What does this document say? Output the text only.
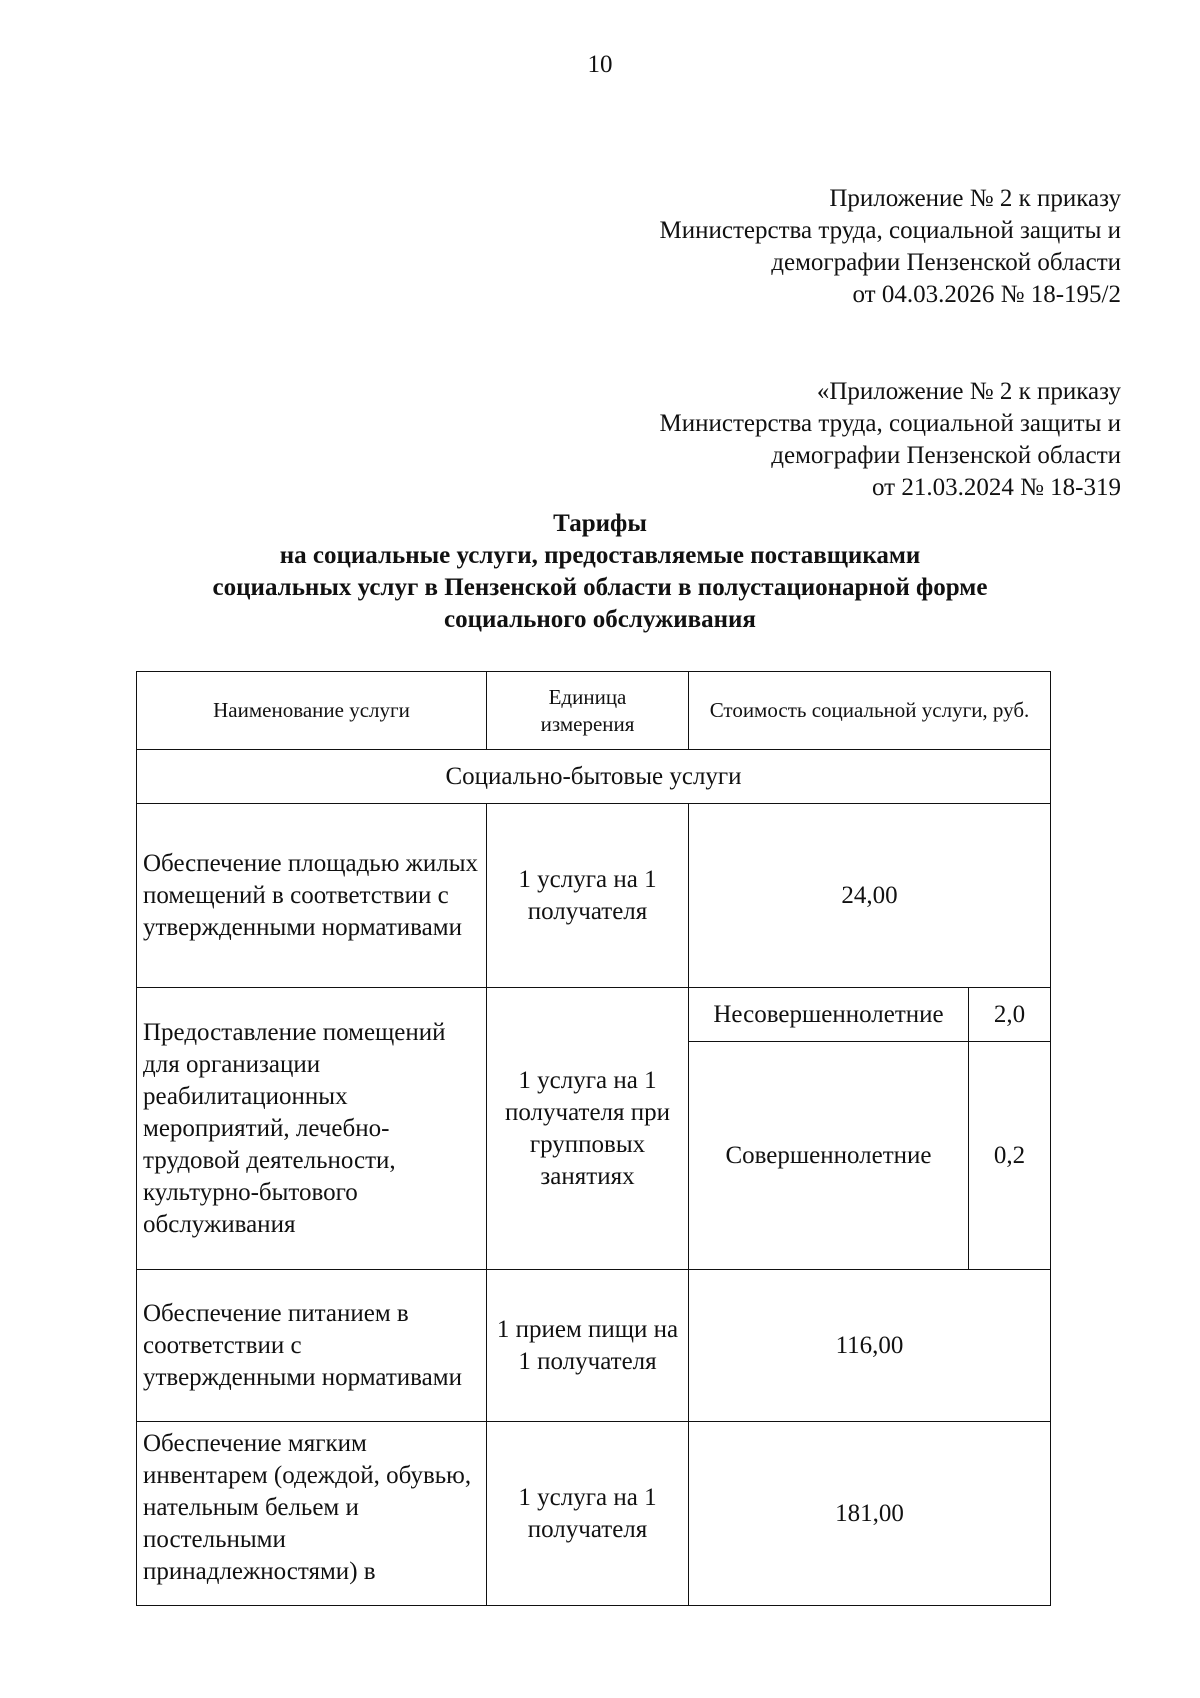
10
Приложение № 2 к приказу
Министерства труда, социальной защиты и
демографии Пензенской области
от 04.03.2026 № 18-195/2
«Приложение № 2 к приказу
Министерства труда, социальной защиты и
демографии Пензенской области
от 21.03.2024 № 18-319
Тарифы
на социальные услуги, предоставляемые поставщиками
социальных услуг в Пензенской области в полустационарной форме
социального обслуживания
Наименование услуги	Единица измерения	Стоимость социальной услуги, руб.	
Социально-бытовые услуги			
Обеспечение площадью жилых помещений в соответствии с утвержденными нормативами	1 услуга на 1 получателя	24,00	
Предоставление помещений для организации реабилитационных мероприятий, лечебно-трудовой деятельности, культурно-бытового обслуживания	1 услуга на 1 получателя при групповых занятиях	Несовершеннолетние	2,0
		Совершеннолетние	0,2
Обеспечение питанием в соответствии с утвержденными нормативами	1 прием пищи на 1 получателя	116,00	
Обеспечение мягким инвентарем (одеждой, обувью, нательным бельем и постельными принадлежностями) в	1 услуга на 1 получателя	181,00	
